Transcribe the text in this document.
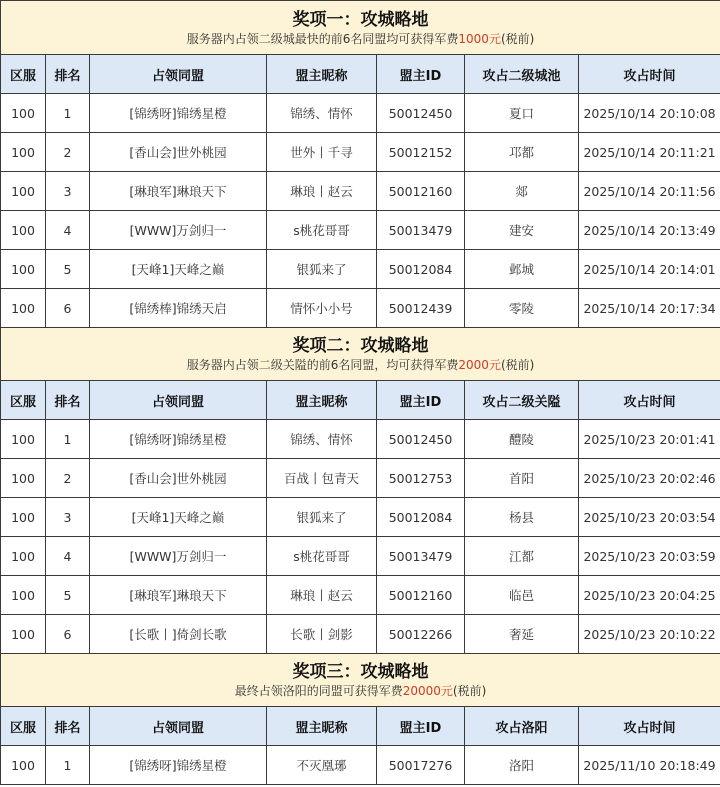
奖项一：攻城略地
服务器内占领二级城最快的前6名同盟均可获得军费1000元(税前)						

区服	排名	占领同盟	盟主昵称	盟主ID	攻占二级城池	攻占时间
100	1	[锦绣呀]锦绣星橙	锦绣、情怀	50012450	夏口	2025/10/14 20:10:08
100	2	[香山会]世外桃园	世外丨千寻	50012152	邛都	2025/10/14 20:11:21
100	3	[琳琅军]琳琅天下	琳琅丨赵云	50012160	郯	2025/10/14 20:11:56
100	4	[WWW]万剑归一	s桃花哥哥	50013479	建安	2025/10/14 20:13:49
100	5	[天峰1]天峰之巅	银狐来了	50012084	邺城	2025/10/14 20:14:01
100	6	[锦绣棒]锦绣天启	情怀小小号	50012439	零陵	2025/10/14 20:17:34
奖项二：攻城略地
服务器内占领二级关隘的前6名同盟，均可获得军费2000元(税前)						

区服	排名	占领同盟	盟主昵称	盟主ID	攻占二级关隘	攻占时间
100	1	[锦绣呀]锦绣星橙	锦绣、情怀	50012450	醴陵	2025/10/23 20:01:41
100	2	[香山会]世外桃园	百战丨包青天	50012753	首阳	2025/10/23 20:02:46
100	3	[天峰1]天峰之巅	银狐来了	50012084	杨县	2025/10/23 20:03:54
100	4	[WWW]万剑归一	s桃花哥哥	50013479	江都	2025/10/23 20:03:59
100	5	[琳琅军]琳琅天下	琳琅丨赵云	50012160	临邑	2025/10/23 20:04:25
100	6	[长歌丨]倚剑长歌	长歌丨剑影	50012266	奢延	2025/10/23 20:10:22
奖项三：攻城略地
最终占领洛阳的同盟可获得军费20000元(税前)						

区服	排名	占领同盟	盟主昵称	盟主ID	攻占洛阳	攻占时间
100	1	[锦绣呀]锦绣星橙	不灭凰琊	50017276	洛阳	2025/11/10 20:18:49
